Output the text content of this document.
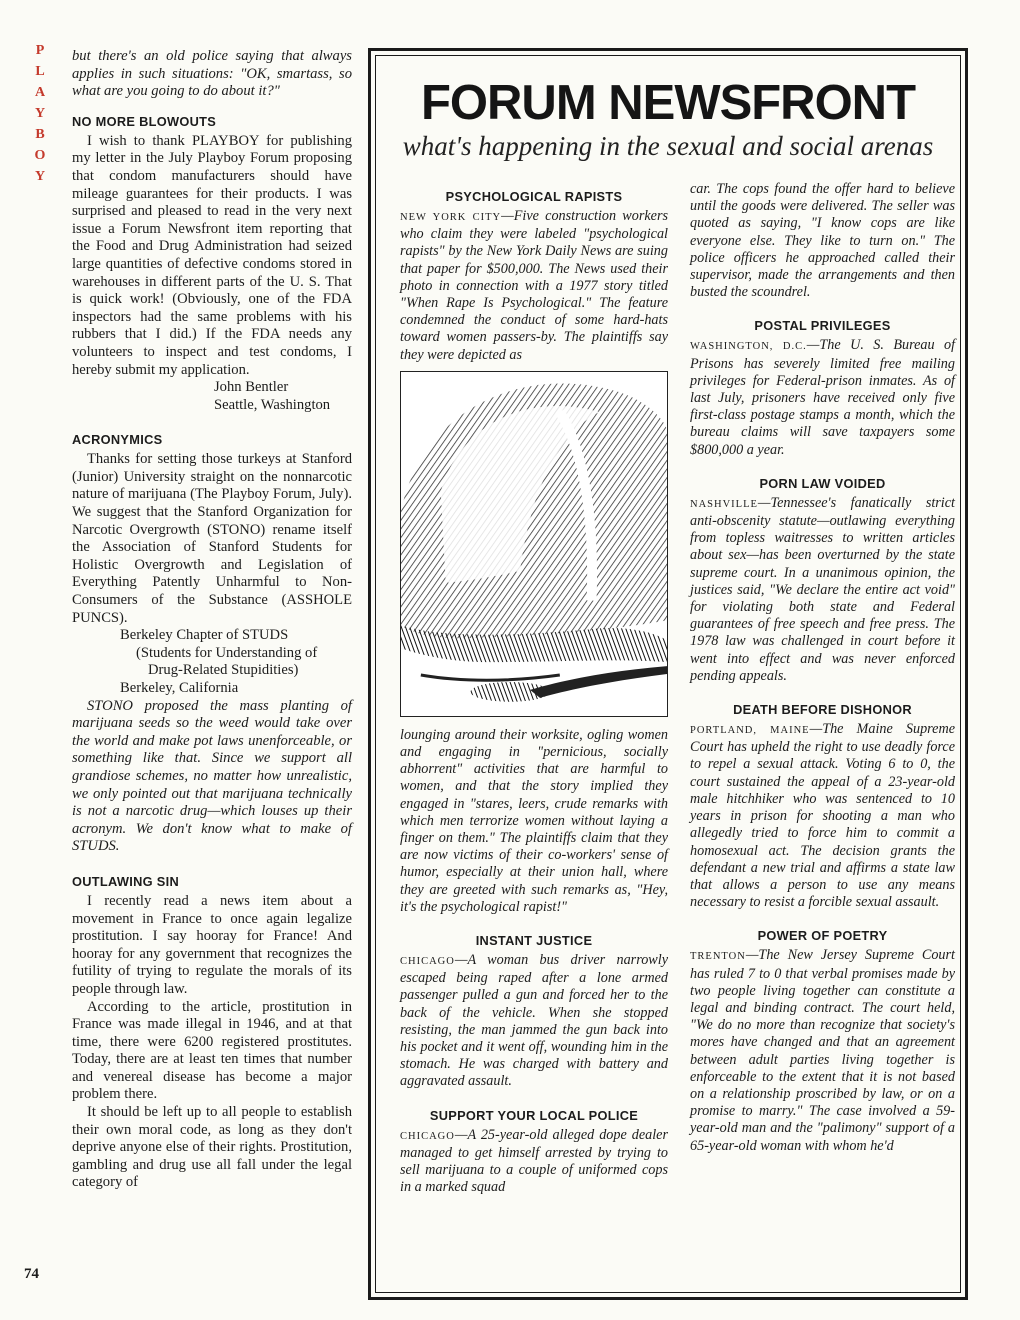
P
L
A
Y
B
O
Y
74

but there's an old police saying that always applies in such situations: "OK, smartass, so what are you going to do about it?"

NO MORE BLOWOUTS

I wish to thank PLAYBOY for publishing my letter in the July Playboy Forum proposing that condom manufacturers should have mileage guarantees for their products. I was surprised and pleased to read in the very next issue a Forum Newsfront item reporting that the Food and Drug Administration had seized large quantities of defective condoms stored in warehouses in different parts of the U. S. That is quick work! (Obviously, one of the FDA inspectors had the same problems with his rubbers that I did.) If the FDA needs any volunteers to inspect and test condoms, I hereby submit my application.

John Bentler

Seattle, Washington

ACRONYMICS

Thanks for setting those turkeys at Stanford (Junior) University straight on the nonnarcotic nature of marijuana (The Playboy Forum, July). We suggest that the Stanford Organization for Narcotic Overgrowth (STONO) rename itself the Association of Stanford Students for Holistic Overgrowth and Legislation of Everything Patently Unharmful to Non-Consumers of the Substance (ASSHOLE PUNCS).

Berkeley Chapter of STUDS

(Students for Understanding of

Drug-Related Stupidities)

Berkeley, California

STONO proposed the mass planting of marijuana seeds so the weed would take over the world and make pot laws unenforceable, or something like that. Since we support all grandiose schemes, no matter how unrealistic, we only pointed out that marijuana technically is not a narcotic drug—which louses up their acronym. We don't know what to make of STUDS.

OUTLAWING SIN

I recently read a news item about a movement in France to once again legalize prostitution. I say hooray for France! And hooray for any government that recognizes the futility of trying to regulate the morals of its people through law.

According to the article, prostitution in France was made illegal in 1946, and at that time, there were 6200 registered prostitutes. Today, there are at least ten times that number and venereal disease has become a major problem there.

It should be left up to all people to establish their own moral code, as long as they don't deprive anyone else of their rights. Prostitution, gambling and drug use all fall under the legal category of

FORUM NEWSFRONT
what's happening in the sexual and social arenas
PSYCHOLOGICAL RAPISTS

NEW YORK CITY—Five construction workers who claim they were labeled "psychological rapists" by the New York Daily News are suing that paper for $500,000. The News used their photo in connection with a 1977 story titled "When Rape Is Psychological." The feature condemned the conduct of some hard-hats toward women passers-by. The plaintiffs say they were depicted as

lounging around their worksite, ogling women and engaging in "pernicious, socially abhorrent" activities that are harmful to women, and that the story implied they engaged in "stares, leers, crude remarks with which men terrorize women without laying a finger on them." The plaintiffs claim that they are now victims of their co-workers' sense of humor, especially at their union hall, where they are greeted with such remarks as, "Hey, it's the psychological rapist!"

INSTANT JUSTICE

CHICAGO—A woman bus driver narrowly escaped being raped after a lone armed passenger pulled a gun and forced her to the back of the vehicle. When she stopped resisting, the man jammed the gun back into his pocket and it went off, wounding him in the stomach. He was charged with battery and aggravated assault.

SUPPORT YOUR LOCAL POLICE

CHICAGO—A 25-year-old alleged dope dealer managed to get himself arrested by trying to sell marijuana to a couple of uniformed cops in a marked squad

car. The cops found the offer hard to believe until the goods were delivered. The seller was quoted as saying, "I know cops are like everyone else. They like to turn on." The police officers he approached called their supervisor, made the arrangements and then busted the scoundrel.

POSTAL PRIVILEGES

WASHINGTON, D.C.—The U. S. Bureau of Prisons has severely limited free mailing privileges for Federal-prison inmates. As of last July, prisoners have received only five first-class postage stamps a month, which the bureau claims will save taxpayers some $800,000 a year.

PORN LAW VOIDED

NASHVILLE—Tennessee's fanatically strict anti-obscenity statute—outlawing everything from topless waitresses to written articles about sex—has been overturned by the state supreme court. In a unanimous opinion, the justices said, "We declare the entire act void" for violating both state and Federal guarantees of free speech and free press. The 1978 law was challenged in court before it went into effect and was never enforced pending appeals.

DEATH BEFORE DISHONOR

PORTLAND, MAINE—The Maine Supreme Court has upheld the right to use deadly force to repel a sexual attack. Voting 6 to 0, the court sustained the appeal of a 23-year-old male hitchhiker who was sentenced to 10 years in prison for shooting a man who allegedly tried to force him to commit a homosexual act. The decision grants the defendant a new trial and affirms a state law that allows a person to use any means necessary to resist a forcible sexual assault.

POWER OF POETRY

TRENTON—The New Jersey Supreme Court has ruled 7 to 0 that verbal promises made by two people living together can constitute a legal and binding contract. The court held, "We do no more than recognize that society's mores have changed and that an agreement between adult parties living together is enforceable to the extent that it is not based on a relationship proscribed by law, or on a promise to marry." The case involved a 59-year-old man and the "palimony" support of a 65-year-old woman with whom he'd
